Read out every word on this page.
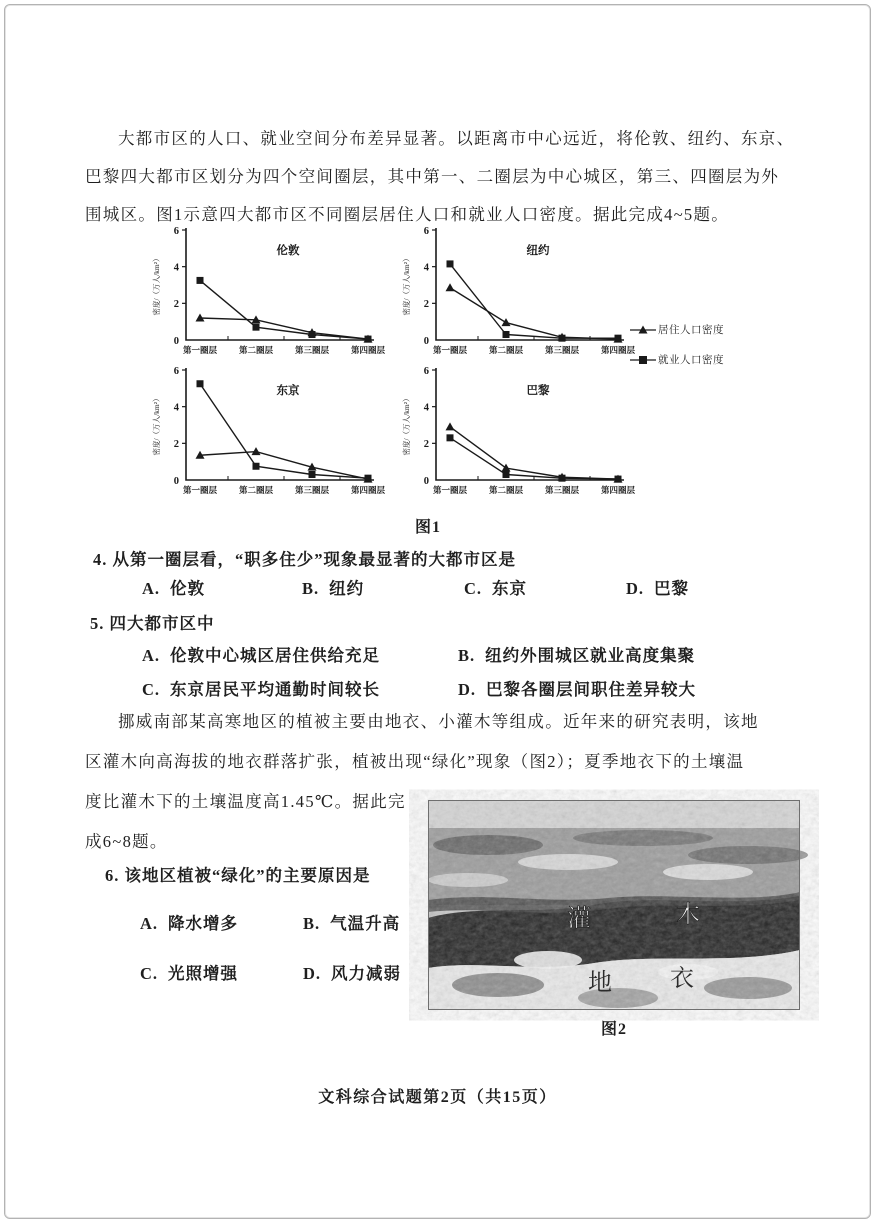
大都市区的人口、就业空间分布差异显著。以距离市中心远近，将伦敦、纽约、东京、
巴黎四大都市区划分为四个空间圈层，其中第一、二圈层为中心城区，第三、四圈层为外
围城区。图1示意四大都市区不同圈层居住人口和就业人口密度。据此完成4~5题。
0
2
4
6
密度/（万人/km²）
第一圈层	第二圈层	第三圈层	第四圈层
伦敦
0
2
4
6
密度/（万人/km²）
第一圈层	第二圈层	第三圈层	第四圈层
纽约
0
2
4
6
密度/（万人/km²）
第一圈层	第二圈层	第三圈层	第四圈层
东京
0
2
4
6
密度/（万人/km²）
第一圈层	第二圈层	第三圈层	第四圈层
巴黎
居住人口密度
就业人口密度
图1
4. 从第一圈层看，“职多住少”现象最显著的大都市区是
A. 伦敦	B. 纽约	C. 东京	D. 巴黎
5. 四大都市区中
A. 伦敦中心城区居住供给充足	B. 纽约外围城区就业高度集聚
C. 东京居民平均通勤时间较长	D. 巴黎各圈层间职住差异较大
挪威南部某高寒地区的植被主要由地衣、小灌木等组成。近年来的研究表明，该地
区灌木向高海拔的地衣群落扩张，植被出现“绿化”现象（图2）；夏季地衣下的土壤温
度比灌木下的土壤温度高1.45℃。据此完
成6~8题。
6. 该地区植被“绿化”的主要原因是
A. 降水增多	B. 气温升高
C. 光照增强	D. 风力减弱
灌	木
地 衣
图2
文科综合试题第2页（共15页）
